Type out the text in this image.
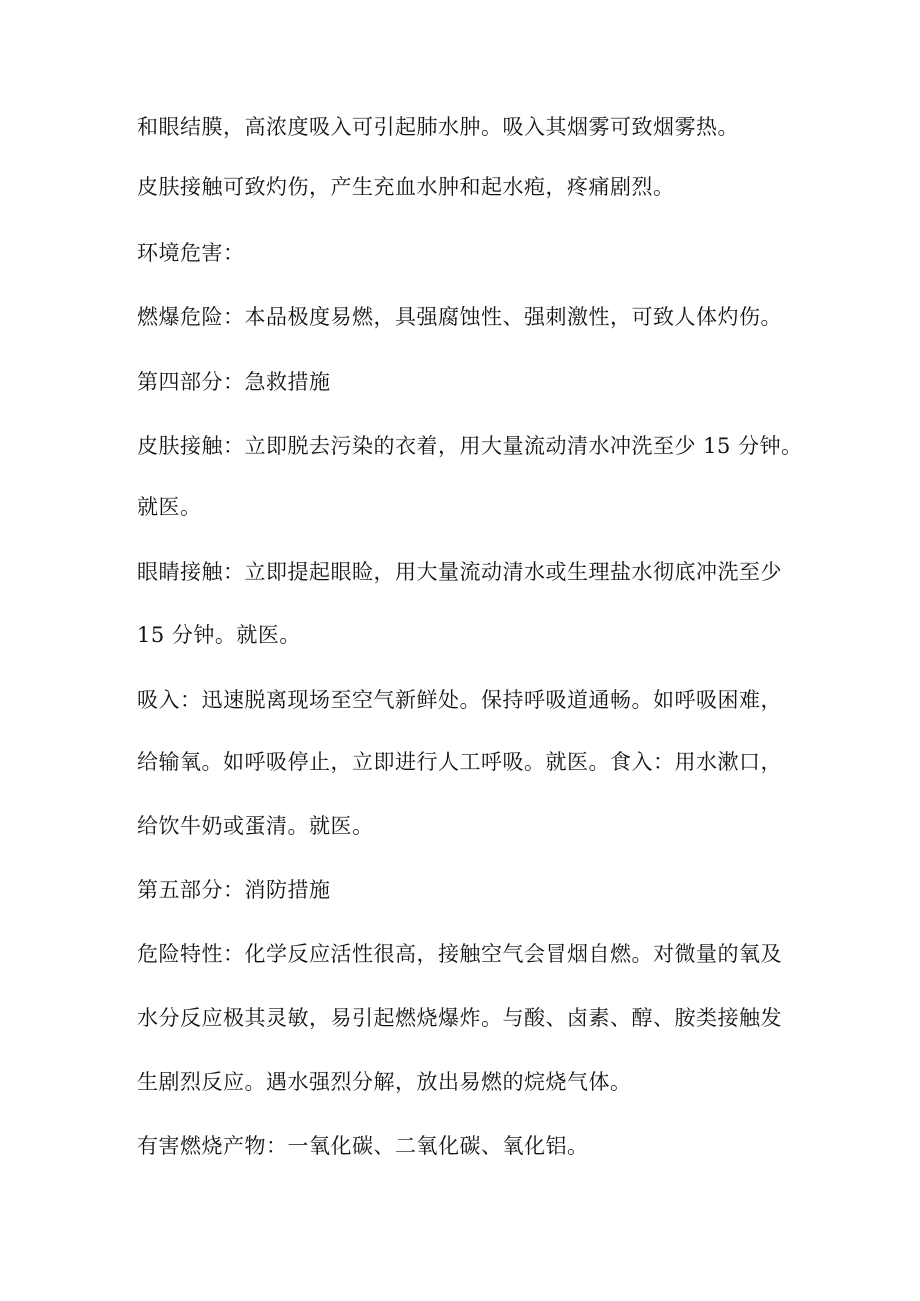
和眼结膜，高浓度吸入可引起肺水肿。吸入其烟雾可致烟雾热。
皮肤接触可致灼伤，产生充血水肿和起水疱，疼痛剧烈。
环境危害：
燃爆危险：本品极度易燃，具强腐蚀性、强刺激性，可致人体灼伤。
第四部分：急救措施
皮肤接触：立即脱去污染的衣着，用大量流动清水冲洗至少 15 分钟。
就医。
眼睛接触：立即提起眼睑，用大量流动清水或生理盐水彻底冲洗至少
15 分钟。就医。
吸入：迅速脱离现场至空气新鲜处。保持呼吸道通畅。如呼吸困难，
给输氧。如呼吸停止，立即进行人工呼吸。就医。食入：用水漱口，
给饮牛奶或蛋清。就医。
第五部分：消防措施
危险特性：化学反应活性很高，接触空气会冒烟自燃。对微量的氧及
水分反应极其灵敏，易引起燃烧爆炸。与酸、卤素、醇、胺类接触发
生剧烈反应。遇水强烈分解，放出易燃的烷烧气体。
有害燃烧产物：一氧化碳、二氧化碳、氧化铝。
